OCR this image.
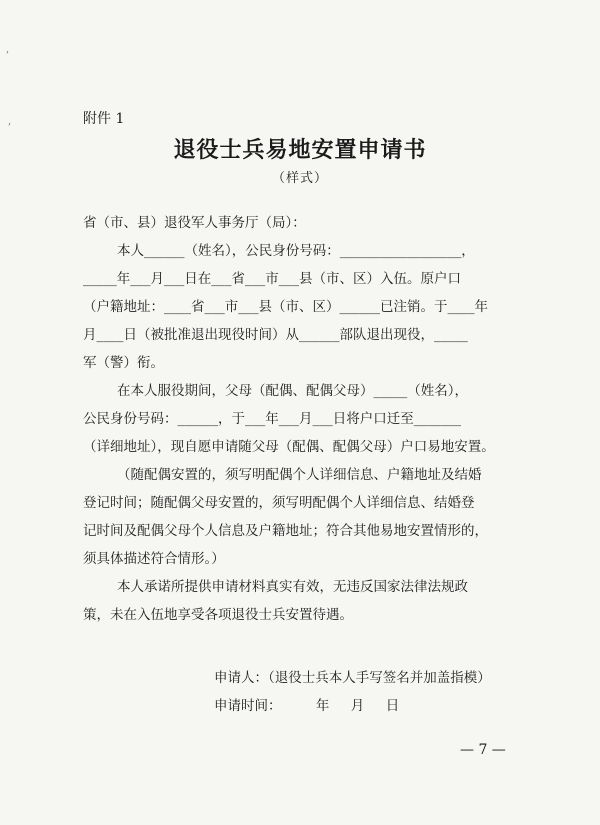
,
,	附件 1
退役士兵易地安置申请书
（样式）
省（市、县）退役军人事务厅（局）：
本人______（姓名），公民身份号码：__________________，
_____年___月___日在___省___市___县（市、区）入伍。原户口
（户籍地址：____省___市___县（市、区）______已注销。于____年
月____日（被批准退出现役时间）从______部队退出现役，_____
军（警）衔。
在本人服役期间，父母（配偶、配偶父母）_____（姓名），
公民身份号码：______，于___年___月___日将户口迁至_______
（详细地址），现自愿申请随父母（配偶、配偶父母）户口易地安置。
（随配偶安置的，须写明配偶个人详细信息、户籍地址及结婚
登记时间；随配偶父母安置的，须写明配偶个人详细信息、结婚登
记时间及配偶父母个人信息及户籍地址；符合其他易地安置情形的，
须具体描述符合情形。）
本人承诺所提供申请材料真实有效，无违反国家法律法规政
策，未在入伍地享受各项退役士兵安置待遇。
申请人：（退役士兵本人手写签名并加盖指模）
申请时间：        年     月     日
— 7 —
